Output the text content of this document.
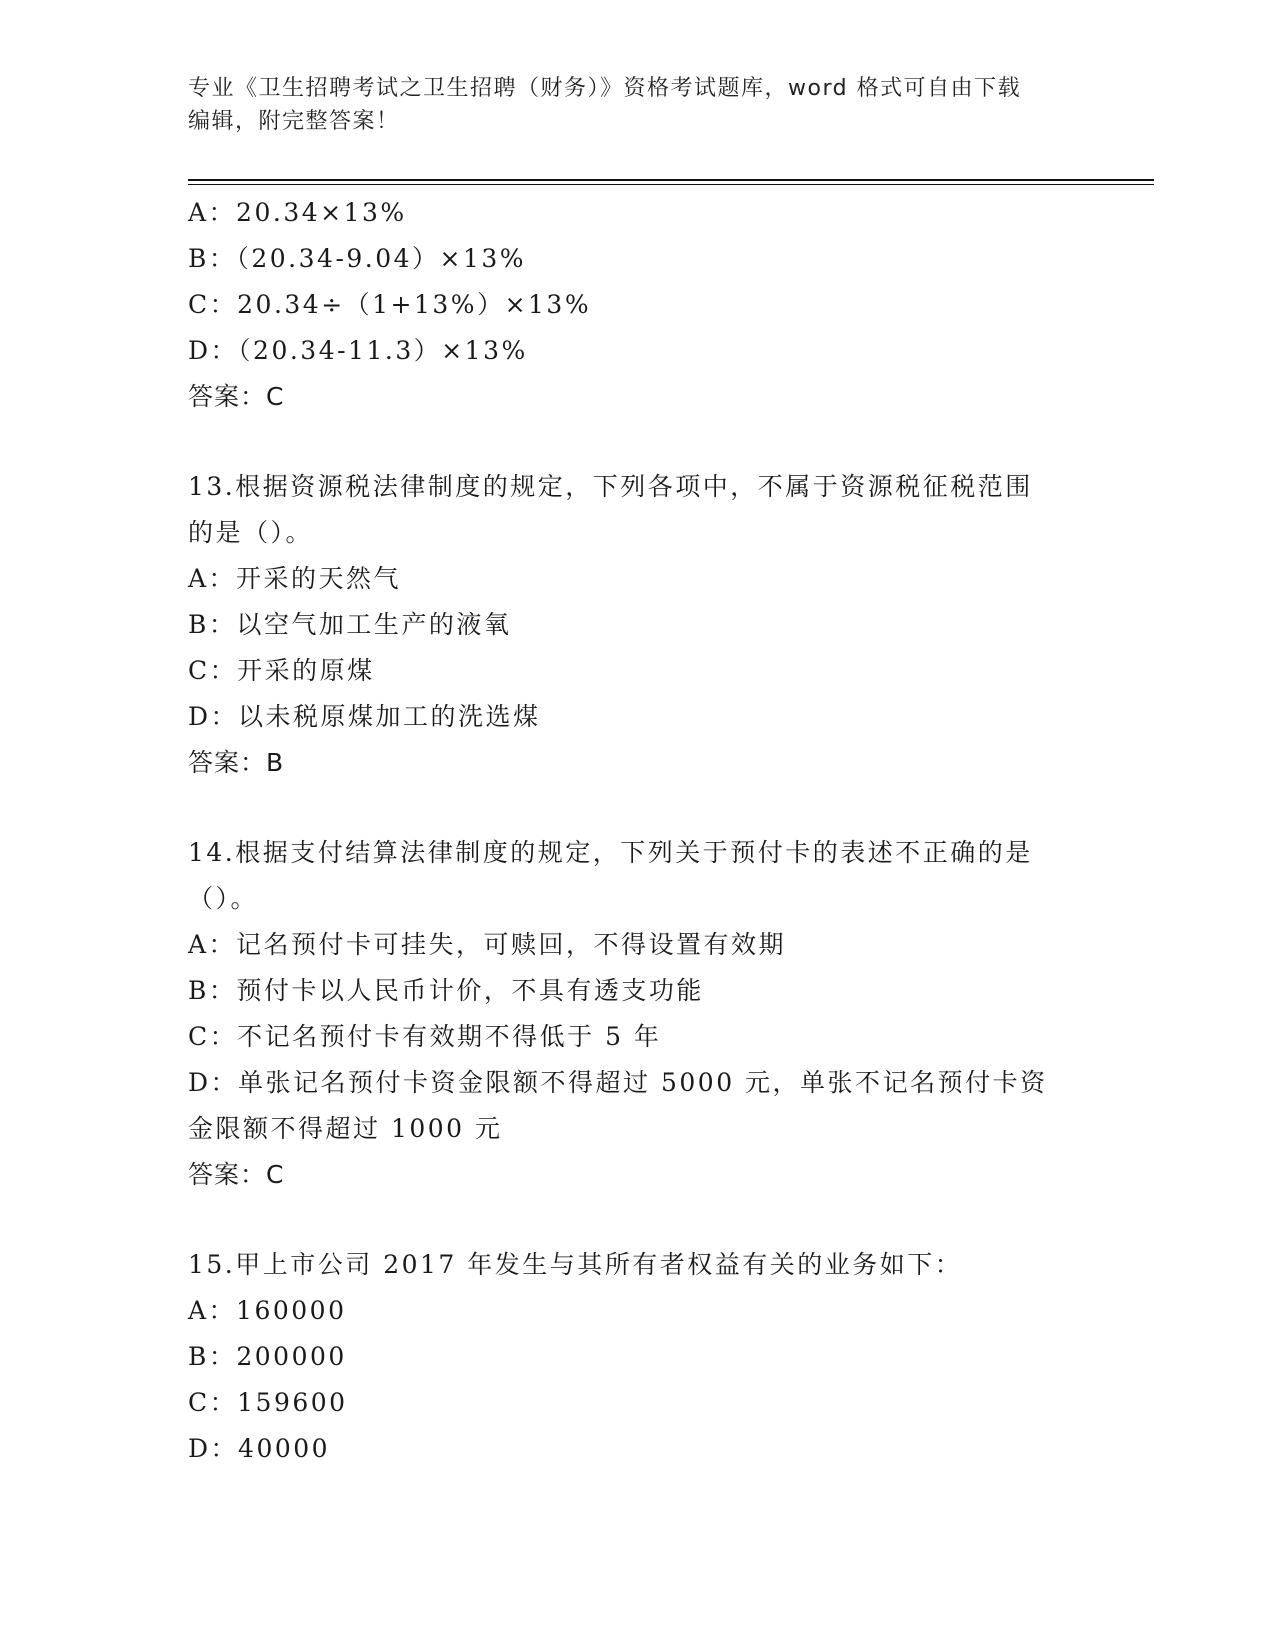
专业《卫生招聘考试之卫生招聘（财务）》资格考试题库，word 格式可自由下载
编辑，附完整答案！
A：20.34×13%
B：（20.34-9.04）×13%
C：20.34÷（1+13%）×13%
D：（20.34-11.3）×13%
答案：C
13.根据资源税法律制度的规定，下列各项中，不属于资源税征税范围
的是（）。
A：开采的天然气
B：以空气加工生产的液氧
C：开采的原煤
D：以未税原煤加工的洗选煤
答案：B
14.根据支付结算法律制度的规定，下列关于预付卡的表述不正确的是
（）。
A：记名预付卡可挂失，可赎回，不得设置有效期
B：预付卡以人民币计价，不具有透支功能
C：不记名预付卡有效期不得低于 5 年
D：单张记名预付卡资金限额不得超过 5000 元，单张不记名预付卡资
金限额不得超过 1000 元
答案：C
15.甲上市公司 2017 年发生与其所有者权益有关的业务如下：
A：160000
B：200000
C：159600
D：40000
